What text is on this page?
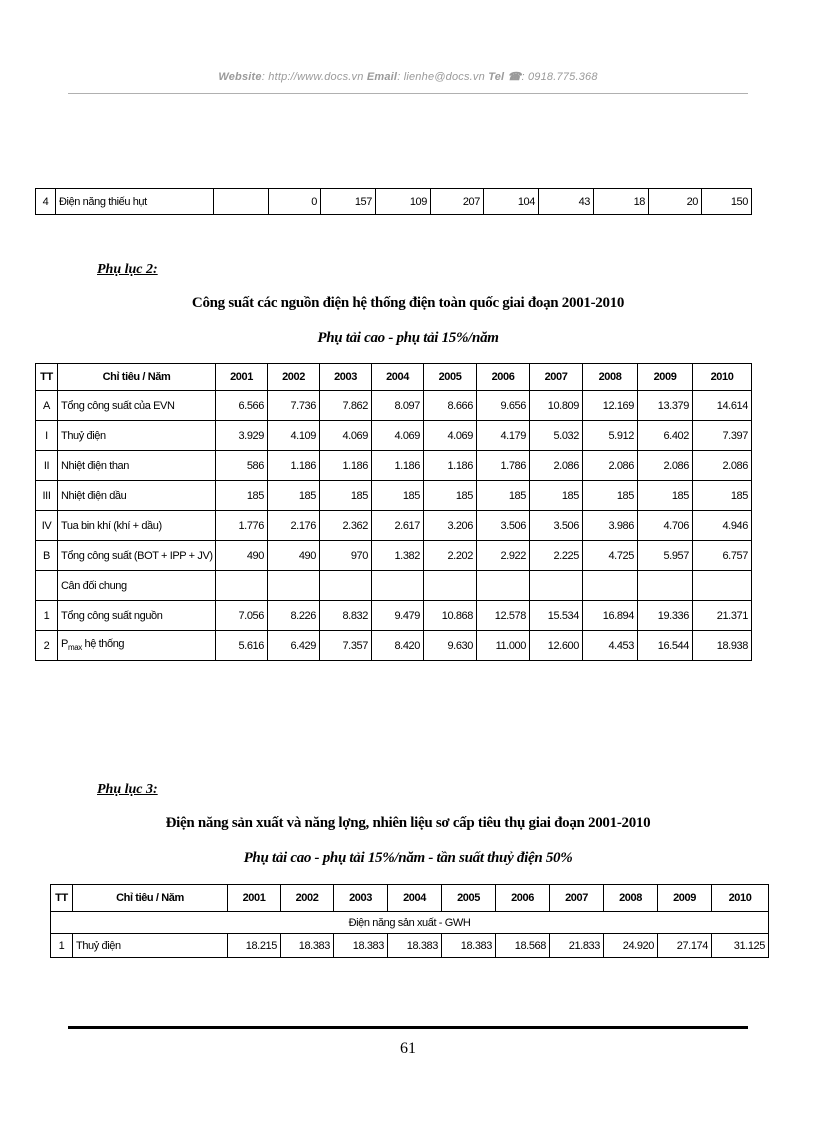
Website: http://www.docs.vn Email: lienhe@docs.vn Tel ☎: 0918.775.368
4	Điện năng thiếu hụt		0	157	109	207	104	43	18	20	150
Phụ lục 2:
Công suất các nguồn điện hệ thống điện toàn quốc giai đoạn 2001-2010
Phụ tải cao - phụ tải 15%/năm
TT	Chỉ tiêu / Năm	2001	2002	2003	2004	2005	2006	2007	2008	2009	2010
A	Tổng công suất của EVN	6.566	7.736	7.862	8.097	8.666	9.656	10.809	12.169	13.379	14.614
I	Thuỷ điện	3.929	4.109	4.069	4.069	4.069	4.179	5.032	5.912	6.402	7.397
II	Nhiệt điện than	586	1.186	1.186	1.186	1.186	1.786	2.086	2.086	2.086	2.086
III	Nhiệt điện dầu	185	185	185	185	185	185	185	185	185	185
IV	Tua bin khí (khí + dầu)	1.776	2.176	2.362	2.617	3.206	3.506	3.506	3.986	4.706	4.946
B	Tổng công suất (BOT + IPP + JV)	490	490	970	1.382	2.202	2.922	2.225	4.725	5.957	6.757
	Cân đối chung										
1	Tổng công suất nguồn	7.056	8.226	8.832	9.479	10.868	12.578	15.534	16.894	19.336	21.371
2	$P_{max}$ hệ thống	5.616	6.429	7.357	8.420	9.630	11.000	12.600	4.453	16.544	18.938
Phụ lục 3:
Điện năng sản xuất và năng lợng, nhiên liệu sơ cấp tiêu thụ giai đoạn 2001-2010
Phụ tải cao - phụ tải 15%/năm - tần suất thuỷ điện 50%
TT	Chỉ tiêu / Năm	2001	2002	2003	2004	2005	2006	2007	2008	2009	2010
Điện năng sản xuất - GWH											
1	Thuỷ điện	18.215	18.383	18.383	18.383	18.383	18.568	21.833	24.920	27.174	31.125
61
